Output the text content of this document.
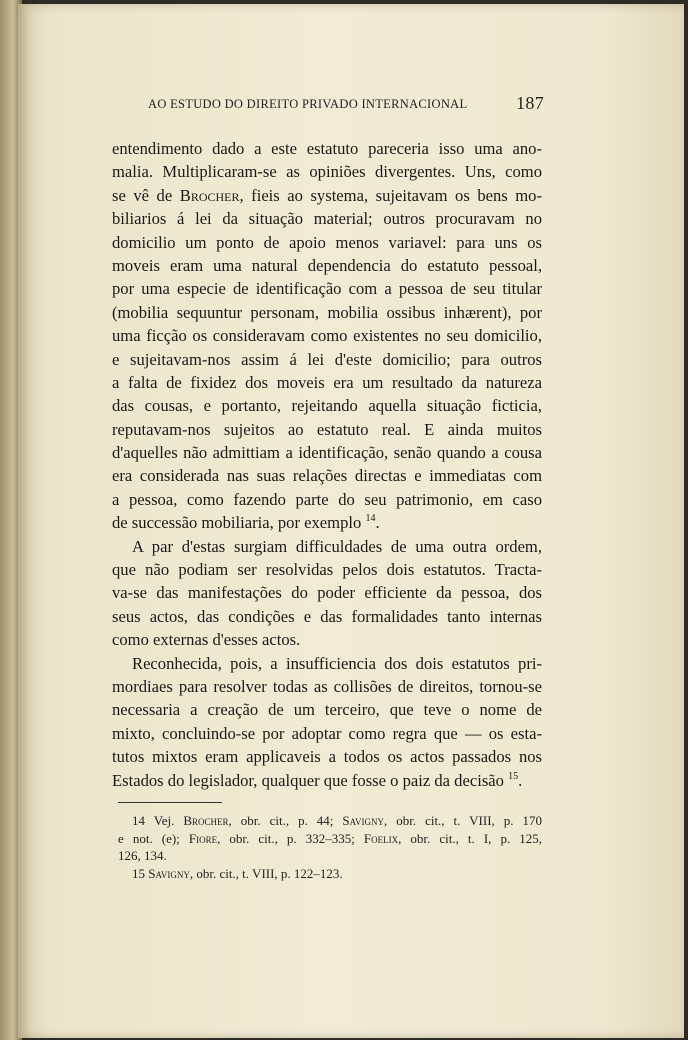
AO ESTUDO DO DIREITO PRIVADO INTERNACIONAL	187
entendimento dado a este estatuto pareceria isso uma ano-
malia. Multiplicaram-se as opiniões divergentes. Uns, como
se vê de Brocher, fieis ao systema, sujeitavam os bens mo-
biliarios á lei da situação material; outros procuravam no
domicilio um ponto de apoio menos variavel: para uns os
moveis eram uma natural dependencia do estatuto pessoal,
por uma especie de identificação com a pessoa de seu titular
(mobilia sequuntur personam, mobilia ossibus inhærent), por
uma ficção os consideravam como existentes no seu domicilio,
e sujeitavam-nos assim á lei d'este domicilio; para outros
a falta de fixidez dos moveis era um resultado da natureza
das cousas, e portanto, rejeitando aquella situação ficticia,
reputavam-nos sujeitos ao estatuto real. E ainda muitos
d'aquelles não admittiam a identificação, senão quando a cousa
era considerada nas suas relações directas e immediatas com
a pessoa, como fazendo parte do seu patrimonio, em caso
de successão mobiliaria, por exemplo $^{14}$.
A par d'estas surgiam difficuldades de uma outra ordem,
que não podiam ser resolvidas pelos dois estatutos. Tracta-
va-se das manifestações do poder efficiente da pessoa, dos
seus actos, das condições e das formalidades tanto internas
como externas d'esses actos.
Reconhecida, pois, a insufficiencia dos dois estatutos pri-
mordiaes para resolver todas as collisões de direitos, tornou-se
necessaria a creação de um terceiro, que teve o nome de
mixto, concluindo-se por adoptar como regra que — os esta-
tutos mixtos eram applicaveis a todos os actos passados nos
Estados do legislador, qualquer que fosse o paiz da decisão $^{15}$.
14 Vej. Brocher, obr. cit., p. 44; Savigny, obr. cit., t. VIII, p. 170
e not. (e); Fiore, obr. cit., p. 332–335; Foelix, obr. cit., t. I, p. 125,
126, 134.
15 Savigny, obr. cit., t. VIII, p. 122–123.
